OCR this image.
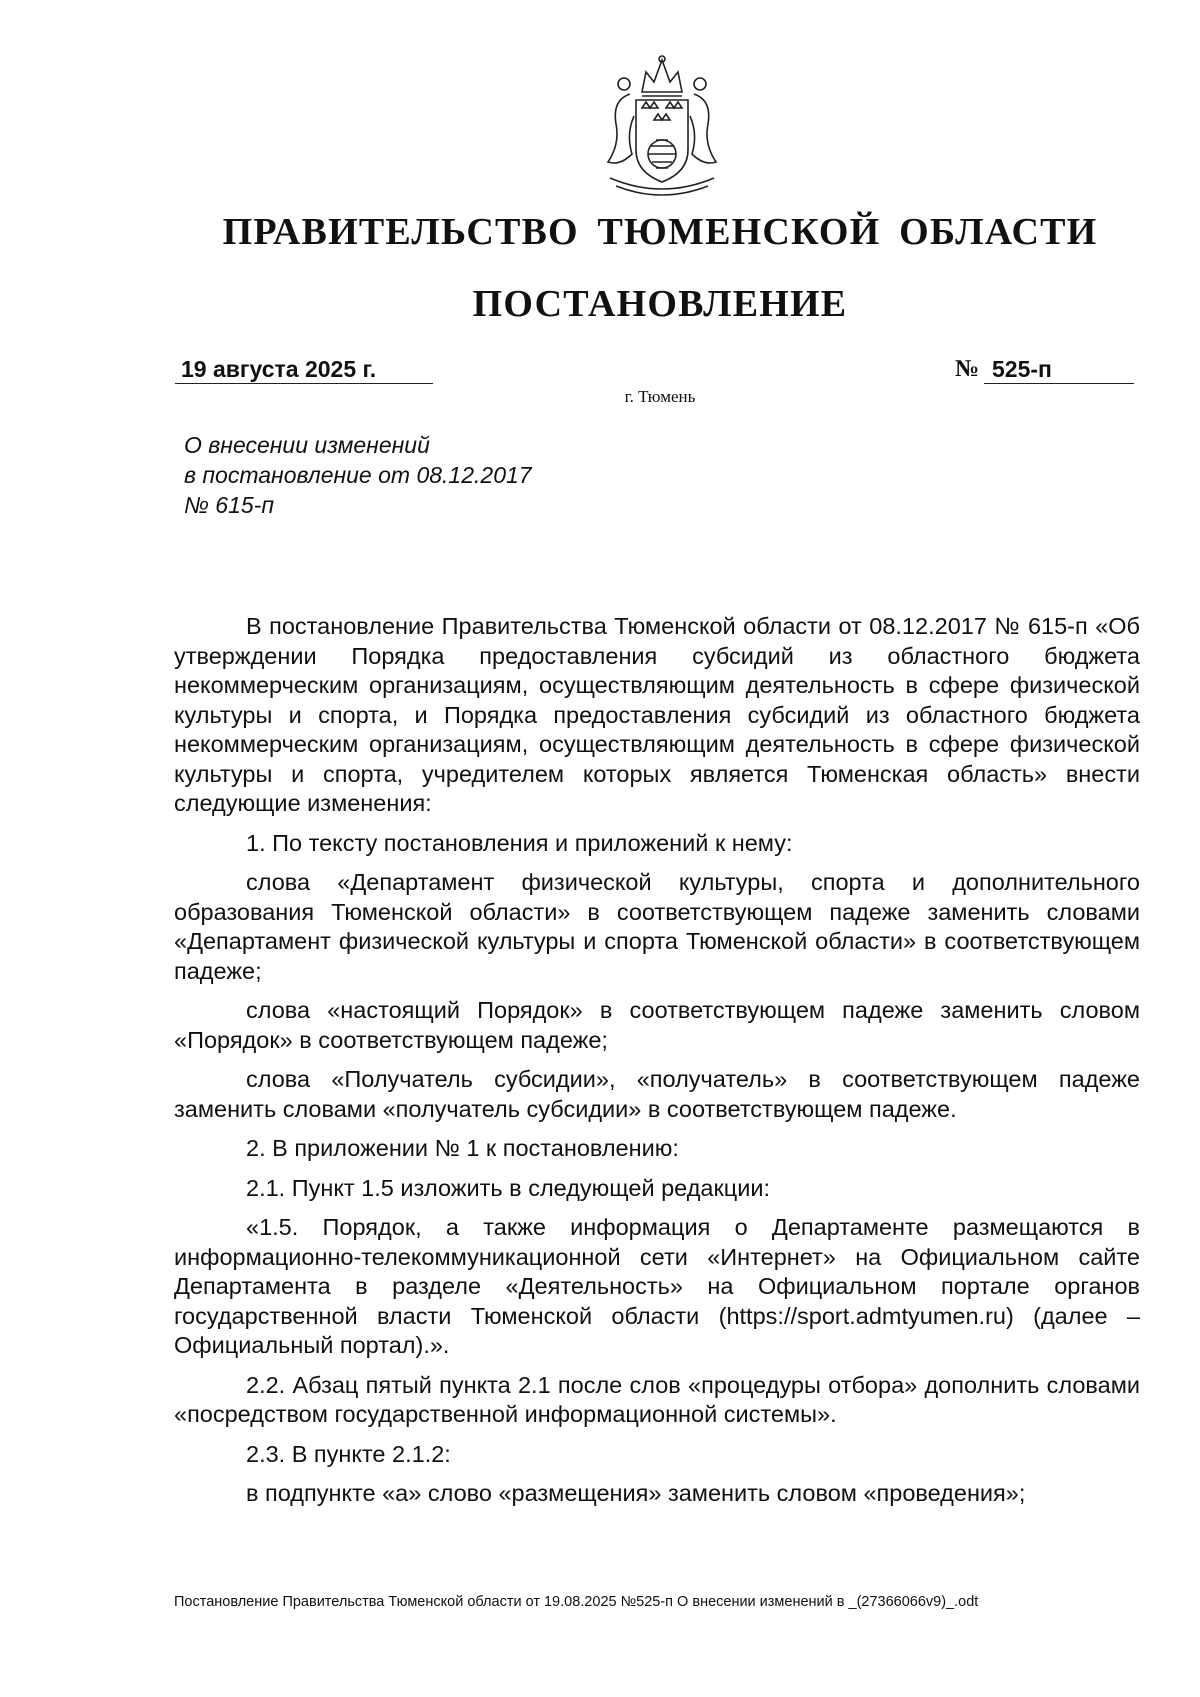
ПРАВИТЕЛЬСТВО ТЮМЕНСКОЙ ОБЛАСТИ
ПОСТАНОВЛЕНИЕ
19 августа 2025 г.	№ 525-п
г. Тюмень
О внесении изменений
в постановление от 08.12.2017
№ 615-п

В постановление Правительства Тюменской области от 08.12.2017 № 615-п «Об утверждении Порядка предоставления субсидий из областного бюджета некоммерческим организациям, осуществляющим деятельность в сфере физической культуры и спорта, и Порядка предоставления субсидий из областного бюджета некоммерческим организациям, осуществляющим деятельность в сфере физической культуры и спорта, учредителем которых является Тюменская область» внести следующие изменения:

1. По тексту постановления и приложений к нему:

слова «Департамент физической культуры, спорта и дополнительного образования Тюменской области» в соответствующем падеже заменить словами «Департамент физической культуры и спорта Тюменской области» в соответствующем падеже;

слова «настоящий Порядок» в соответствующем падеже заменить словом «Порядок» в соответствующем падеже;

слова «Получатель субсидии», «получатель» в соответствующем падеже заменить словами «получатель субсидии» в соответствующем падеже.

2. В приложении № 1 к постановлению:

2.1. Пункт 1.5 изложить в следующей редакции:

«1.5. Порядок, а также информация о Департаменте размещаются в информационно-телекоммуникационной сети «Интернет» на Официальном сайте Департамента в разделе «Деятельность» на Официальном портале органов государственной власти Тюменской области (https://sport.admtyumen.ru) (далее – Официальный портал).».

2.2. Абзац пятый пункта 2.1 после слов «процедуры отбора» дополнить словами «посредством государственной информационной системы».

2.3. В пункте 2.1.2:

в подпункте «а» слово «размещения» заменить словом «проведения»;

Постановление Правительства Тюменской области от 19.08.2025 №525-п О внесении изменений в _(27366066v9)_.odt
